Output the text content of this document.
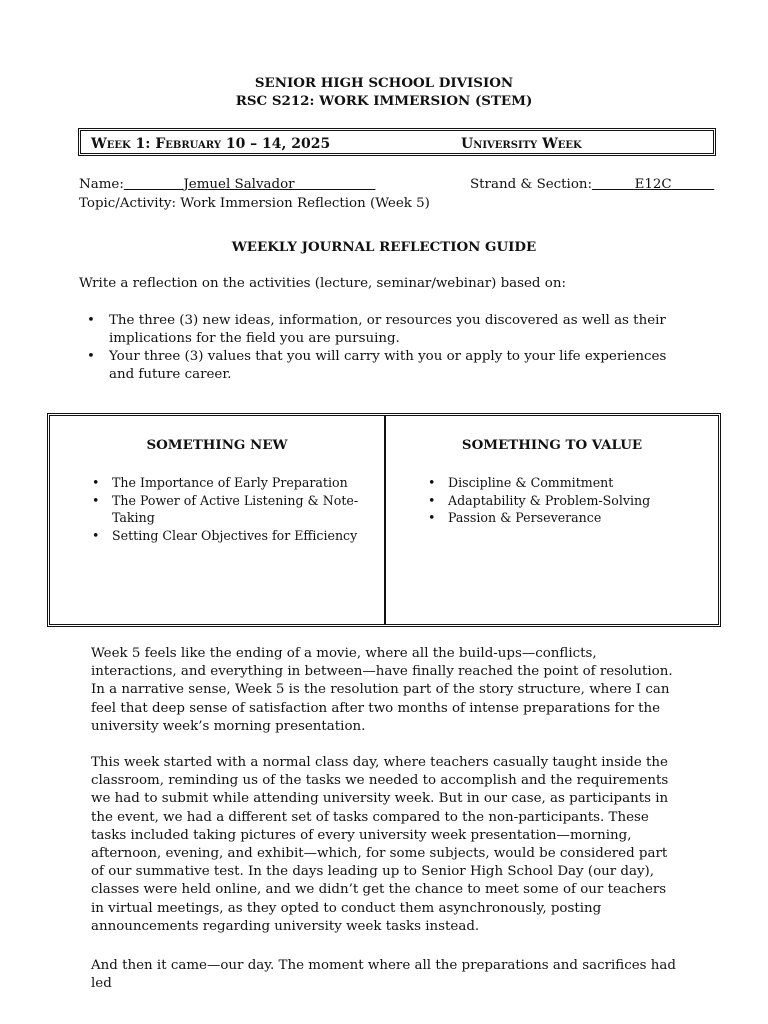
SENIOR HIGH SCHOOL DIVISION
RSC S212: WORK IMMERSION (STEM)
Week 1: February 10 – 14, 2025	University Week
Name:	Jemuel Salvador	Strand & Section:	E12C
Topic/Activity: Work Immersion Reflection (Week 5)
WEEKLY JOURNAL REFLECTION GUIDE
Write a reflection on the activities (lecture, seminar/webinar) based on:
• The three (3) new ideas, information, or resources you discovered as well as their implications for the field you are pursuing.
• Your three (3) values that you will carry with you or apply to your life experiences and future career.
SOMETHING NEW
• The Importance of Early Preparation
• The Power of Active Listening & Note-Taking
• Setting Clear Objectives for Efficiency
SOMETHING TO VALUE
• Discipline & Commitment
• Adaptability & Problem-Solving
• Passion & Perseverance

Week 5 feels like the ending of a movie, where all the build-ups—conflicts, interactions, and everything in between—have finally reached the point of resolution. In a narrative sense, Week 5 is the resolution part of the story structure, where I can feel that deep sense of satisfaction after two months of intense preparations for the university week’s morning presentation.

This week started with a normal class day, where teachers casually taught inside the classroom, reminding us of the tasks we needed to accomplish and the requirements we had to submit while attending university week. But in our case, as participants in the event, we had a different set of tasks compared to the non-participants. These tasks included taking pictures of every university week presentation—morning, afternoon, evening, and exhibit—which, for some subjects, would be considered part of our summative test. In the days leading up to Senior High School Day (our day), classes were held online, and we didn’t get the chance to meet some of our teachers in virtual meetings, as they opted to conduct them asynchronously, posting announcements regarding university week tasks instead.

And then it came—our day. The moment where all the preparations and sacrifices had led
